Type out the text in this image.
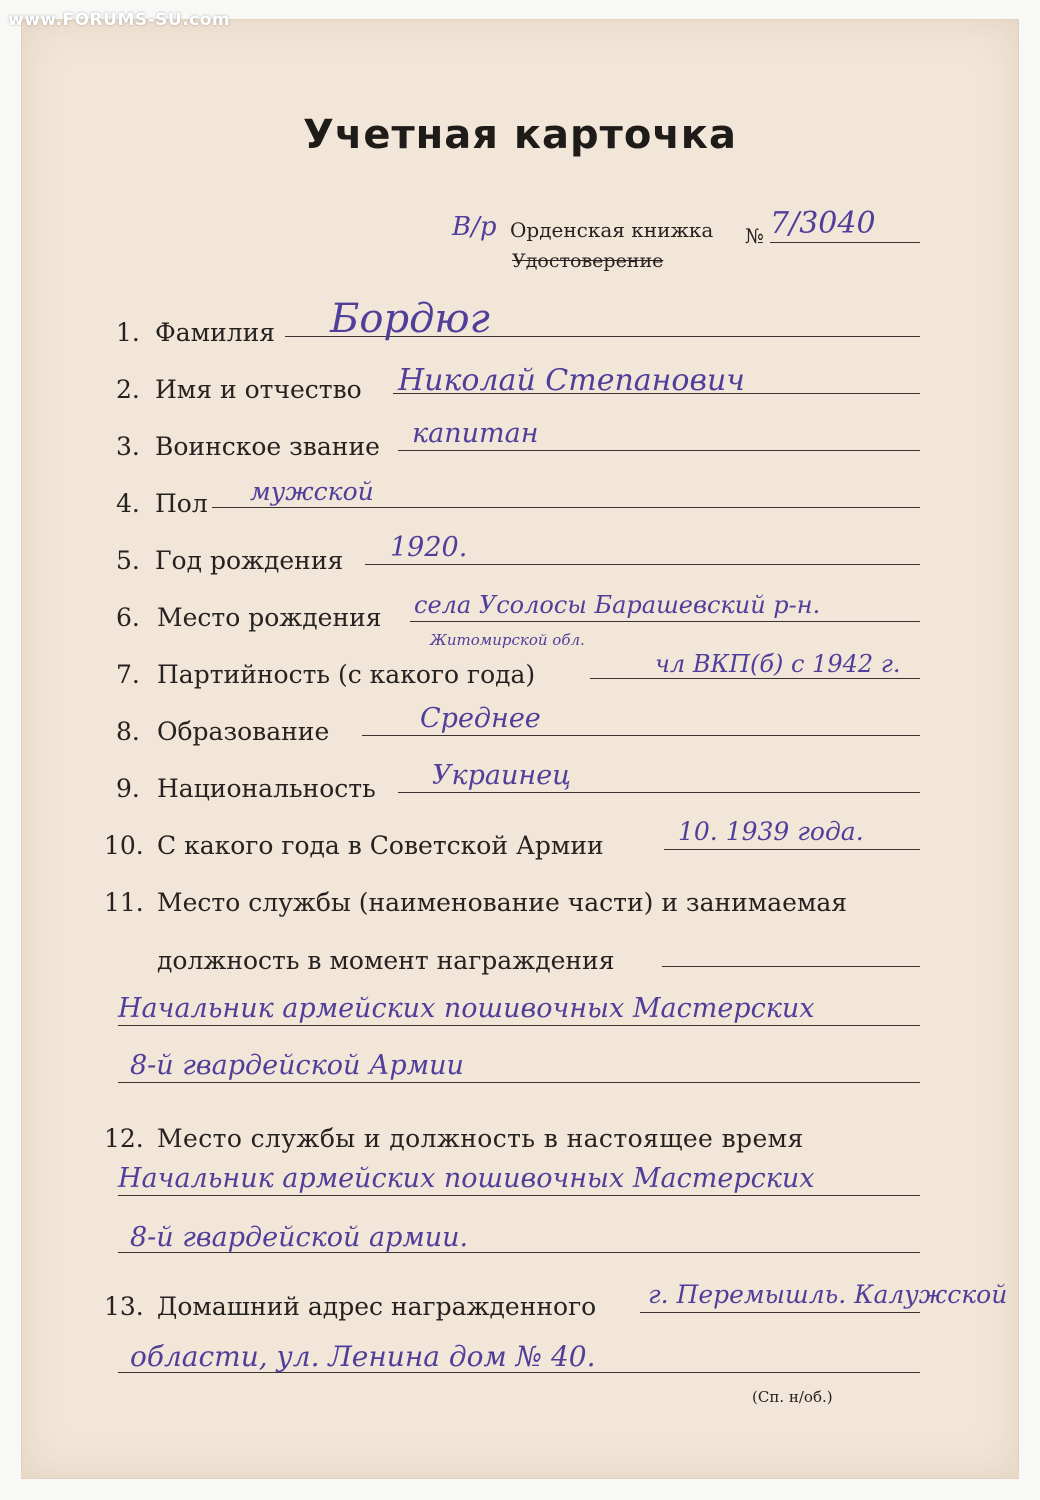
www.FORUMS-SU.com
Учетная карточка
В/р Орденская книжка
Удостоверение
№ 7/3040
1. Фамилия Бордюг
2. Имя и отчество Николай Степанович
3. Воинское звание капитан
4. Пол мужской
5. Год рождения 1920.
6. Место рождения села Усолосы Барашевский р-н.
Житомирской обл.
7. Партийность (с какого года)	чл ВКП(б) с 1942 г.
8. Образование	Среднее
9. Национальность Украинец
10. С какого года в Советской Армии	10. 1939 года.
11. Место службы (наименование части) и занимаемая
должность в момент награждения
Начальник армейских пошивочных Мастерских
8-й гвардейской Армии
12. Место службы и должность в настоящее время
Начальник армейских пошивочных Мастерских
8-й гвардейской армии.
13. Домашний адрес награжденного г. Перемышль. Калужской
области, ул. Ленина дом № 40.
(Сп. н/об.)
